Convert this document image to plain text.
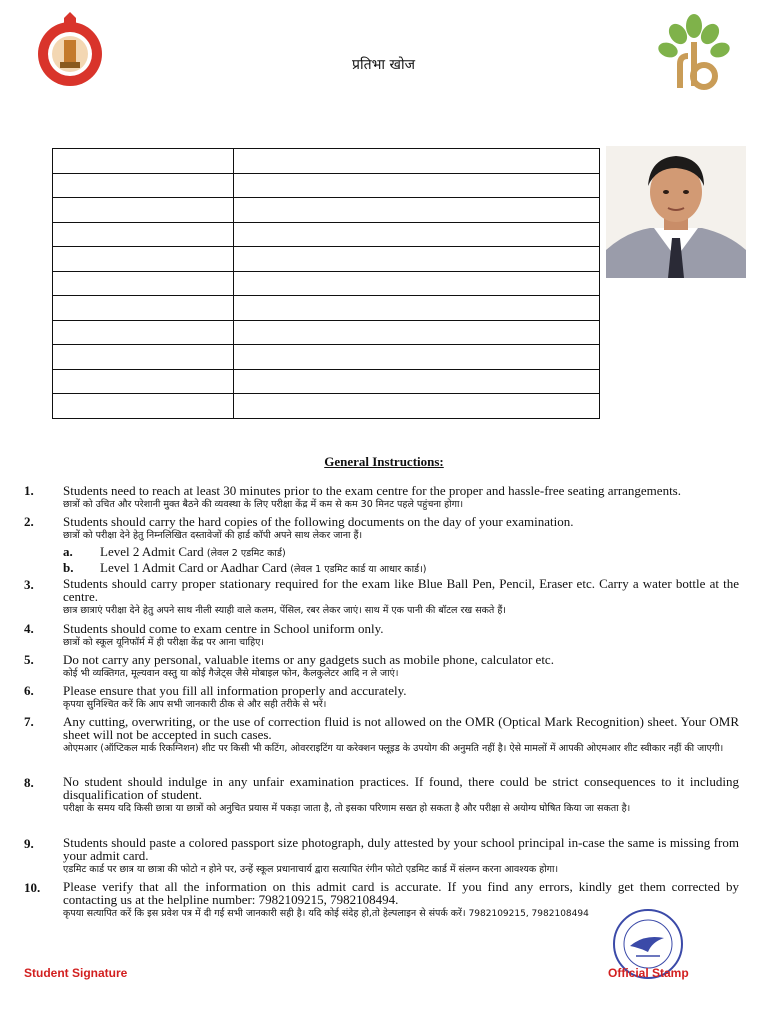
प्रतिभा खोज

General Instructions:
1. Students need to reach at least 30 minutes prior to the exam centre for the proper and hassle-free seating arrangements.
छात्रों को उचित और परेशानी मुक्त बैठने की व्यवस्था के लिए परीक्षा केंद्र में कम से कम 30 मिनट पहले पहुंचना होगा।
2. Students should carry the hard copies of the following documents on the day of your examination.
छात्रों को परीक्षा देने हेतु निम्नलिखित दस्तावेजों की हार्ड कॉपी अपने साथ लेकर जाना हैं।
a. Level 2 Admit Card (लेवल 2 एडमिट कार्ड)
b. Level 1 Admit Card or Aadhar Card (लेवल 1 एडमिट कार्ड या आधार कार्ड।)
3. Students should carry proper stationary required for the exam like Blue Ball Pen, Pencil, Eraser etc. Carry a water bottle at the centre.
छात्र छात्राएं परीक्षा देने हेतु अपने साथ नीली स्याही वाले कलम, पेंसिल, रबर लेकर जाएं। साथ में एक पानी की बॉटल रख सकते हैं।
4. Students should come to exam centre in School uniform only.
छात्रों को स्कूल यूनिफॉर्म में ही परीक्षा केंद्र पर आना चाहिए।
5. Do not carry any personal, valuable items or any gadgets such as mobile phone, calculator etc.
कोई भी व्यक्तिगत, मूल्यवान वस्तु या कोई गैजेट्स जैसे मोबाइल फोन, कैलकुलेटर आदि न ले जाएं।
6. Please ensure that you fill all information properly and accurately.
कृपया सुनिश्चित करें कि आप सभी जानकारी ठीक से और सही तरीके से भरें।
7. Any cutting, overwriting, or the use of correction fluid is not allowed on the OMR (Optical Mark Recognition) sheet. Your OMR sheet will not be accepted in such cases.
ओएमआर (ऑप्टिकल मार्क रिकग्निशन) शीट पर किसी भी कटिंग, ओवरराइटिंग या करेक्शन फ्लूइड के उपयोग की अनुमति नहीं है। ऐसे मामलों में आपकी ओएमआर शीट स्वीकार नहीं की जाएगी।
8. No student should indulge in any unfair examination practices. If found, there could be strict consequences to it including disqualification of student.
परीक्षा के समय यदि किसी छात्रा या छात्रों को अनुचित प्रयास में पकड़ा जाता है, तो इसका परिणाम सख्त हो सकता है और परीक्षा से अयोग्य घोषित किया जा सकता है।
9. Students should paste a colored passport size photograph, duly attested by your school principal in-case the same is missing from your admit card.
एडमिट कार्ड पर छात्र या छात्रा की फोटो न होने पर, उन्हें स्कूल प्रधानाचार्य द्वारा सत्यापित रंगीन फोटो एडमिट कार्ड में संलग्न करना आवश्यक होगा।
10. Please verify that all the information on this admit card is accurate. If you find any errors, kindly get them corrected by contacting us at the helpline number: 7982109215, 7982108494.
कृपया सत्यापित करें कि इस प्रवेश पत्र में दी गई सभी जानकारी सही है। यदि कोई संदेह हो,तो हेल्पलाइन से संपर्क करें। 7982109215, 7982108494
Student Signature	Official Stamp
